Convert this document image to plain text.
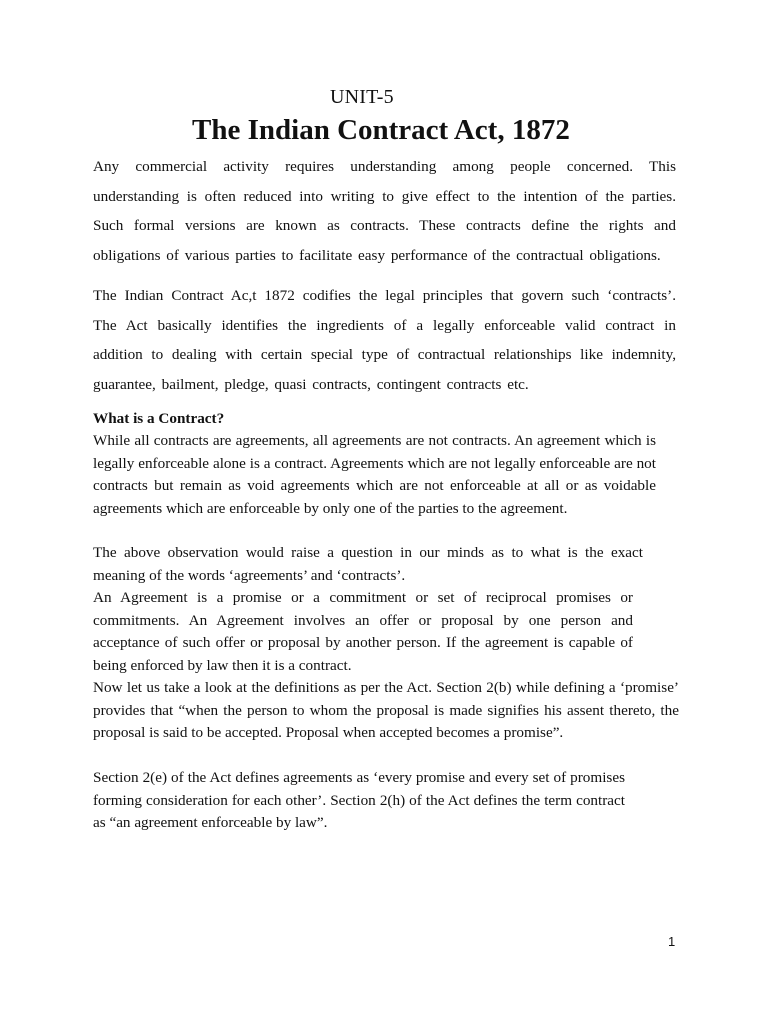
UNIT-5
The Indian Contract Act, 1872

Any commercial activity requires understanding among people concerned. This understanding is often reduced into writing to give effect to the intention of the parties. Such formal versions are known as contracts. These contracts define the rights and obligations of various parties to facilitate easy performance of the contractual obligations.

The Indian Contract Ac,t 1872 codifies the legal principles that govern such ‘contracts’. The Act basically identifies the ingredients of a legally enforceable valid contract in addition to dealing with certain special type of contractual relationships like indemnity, guarantee, bailment, pledge, quasi contracts, contingent contracts etc.

What is a Contract?

While all contracts are agreements, all agreements are not contracts. An agreement which is legally enforceable alone is a contract. Agreements which are not legally enforceable are not contracts but remain as void agreements which are not enforceable at all or as voidable agreements which are enforceable by only one of the parties to the agreement.

The above observation would raise a question in our minds as to what is the exact meaning of the words ‘agreements’ and ‘contracts’.

An Agreement is a promise or a commitment or set of reciprocal promises or commitments. An Agreement involves an offer or proposal by one person and acceptance of such offer or proposal by another person. If the agreement is capable of being enforced by law then it is a contract.

Now let us take a look at the definitions as per the Act. Section 2(b) while defining a ‘promise’ provides that “when the person to whom the proposal is made signifies his assent thereto, the proposal is said to be accepted. Proposal when accepted becomes a promise”.

Section 2(e) of the Act defines agreements as ‘every promise and every set of promises forming consideration for each other’. Section 2(h) of the Act defines the term contract as “an agreement enforceable by law”.

1
